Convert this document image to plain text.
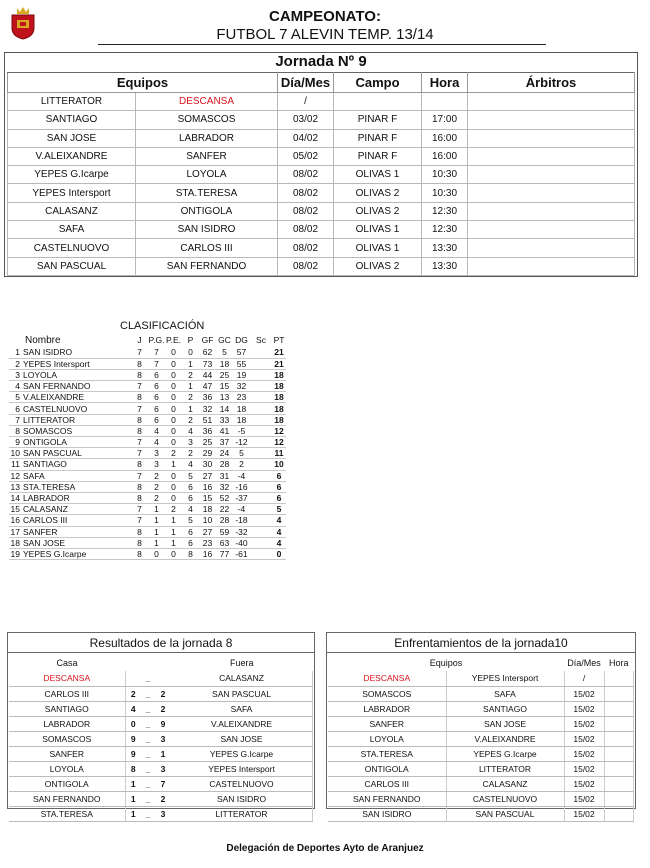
CAMPEONATO:
FUTBOL 7 ALEVIN TEMP. 13/14
Jornada Nº 9
Equipos		Día/Mes	Campo	Hora	Árbitros
LITTERATOR	DESCANSA	/			
SANTIAGO	SOMASCOS	03/02	PINAR F	17:00	
SAN JOSE	LABRADOR	04/02	PINAR F	16:00	
V.ALEIXANDRE	SANFER	05/02	PINAR F	16:00	
YEPES G.Icarpe	LOYOLA	08/02	OLIVAS 1	10:30	
YEPES Intersport	STA.TERESA	08/02	OLIVAS 2	10:30	
CALASANZ	ONTIGOLA	08/02	OLIVAS 2	12:30	
SAFA	SAN ISIDRO	08/02	OLIVAS 1	12:30	
CASTELNUOVO	CARLOS III	08/02	OLIVAS 1	13:30	
SAN PASCUAL	SAN FERNANDO	08/02	OLIVAS 2	13:30	
CLASIFICACIÓN
Nombre		J	P.G.	P.E.	P	GF	GC	DG	Sc	PT
1	SAN ISIDRO	7	7	0	0	62	5	57		21
2	YEPES Intersport	8	7	0	1	73	18	55		21
3	LOYOLA	8	6	0	2	44	25	19		18
4	SAN FERNANDO	7	6	0	1	47	15	32		18
5	V.ALEIXANDRE	8	6	0	2	36	13	23		18
6	CASTELNUOVO	7	6	0	1	32	14	18		18
7	LITTERATOR	8	6	0	2	51	33	18		18
8	SOMASCOS	8	4	0	4	36	41	-5		12
9	ONTIGOLA	7	4	0	3	25	37	-12		12
10	SAN PASCUAL	7	3	2	2	29	24	5		11
11	SANTIAGO	8	3	1	4	30	28	2		10
12	SAFA	7	2	0	5	27	31	-4		6
13	STA.TERESA	8	2	0	6	16	32	-16		6
14	LABRADOR	8	2	0	6	15	52	-37		6
15	CALASANZ	7	1	2	4	18	22	-4		5
16	CARLOS III	7	1	1	5	10	28	-18		4
17	SANFER	8	1	1	6	27	59	-32		4
18	SAN JOSE	8	1	1	6	23	63	-40		4
19	YEPES G.Icarpe	8	0	0	8	16	77	-61		0
Resultados de la jornada 8
Casa				Fuera
DESCANSA		_		CALASANZ
CARLOS III	2	_	2	SAN PASCUAL
SANTIAGO	4	_	2	SAFA
LABRADOR	0	_	9	V.ALEIXANDRE
SOMASCOS	9	_	3	SAN JOSE
SANFER	9	_	1	YEPES G.Icarpe
LOYOLA	8	_	3	YEPES Intersport
ONTIGOLA	1	_	7	CASTELNUOVO
SAN FERNANDO	1	_	2	SAN ISIDRO
STA.TERESA	1	_	3	LITTERATOR
Enfrentamientos de la jornada10
Equipos		Día/Mes	Hora
DESCANSA	YEPES Intersport	/	
SOMASCOS	SAFA	15/02	
LABRADOR	SANTIAGO	15/02	
SANFER	SAN JOSE	15/02	
LOYOLA	V.ALEIXANDRE	15/02	
STA.TERESA	YEPES G.Icarpe	15/02	
ONTIGOLA	LITTERATOR	15/02	
CARLOS III	CALASANZ	15/02	
SAN FERNANDO	CASTELNUOVO	15/02	
SAN ISIDRO	SAN PASCUAL	15/02	
Delegación de Deportes Ayto de Aranjuez
